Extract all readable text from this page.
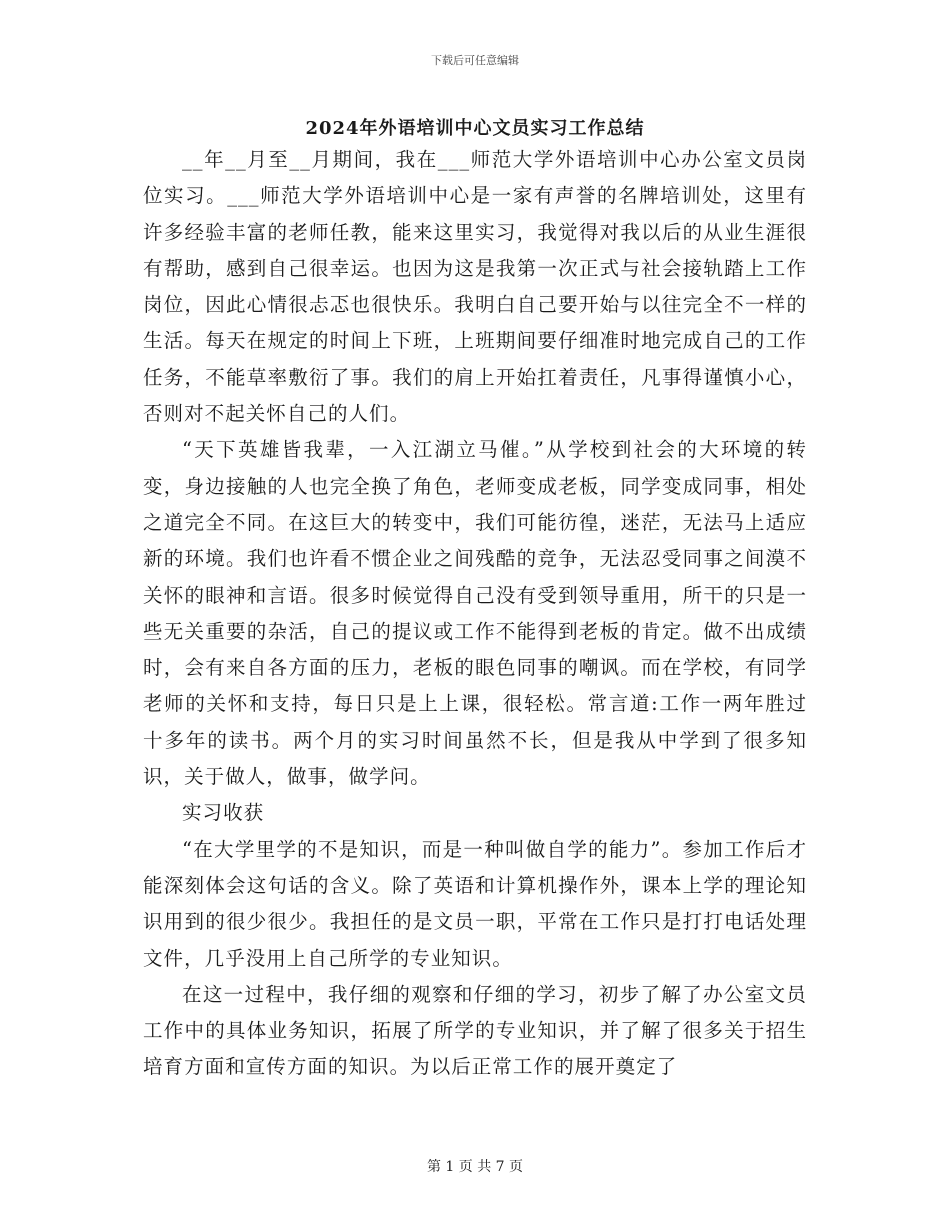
下载后可任意编辑
2024年外语培训中心文员实习工作总结

__年__月至__月期间，我在___师范大学外语培训中心办公室文员岗位实习。___师范大学外语培训中心是一家有声誉的名牌培训处，这里有许多经验丰富的老师任教，能来这里实习，我觉得对我以后的从业生涯很有帮助，感到自己很幸运。也因为这是我第一次正式与社会接轨踏上工作岗位，因此心情很忐忑也很快乐。我明白自己要开始与以往完全不一样的生活。每天在规定的时间上下班，上班期间要仔细准时地完成自己的工作任务，不能草率敷衍了事。我们的肩上开始扛着责任，凡事得谨慎小心，否则对不起关怀自己的人们。

“天下英雄皆我辈，一入江湖立马催。”从学校到社会的大环境的转变，身边接触的人也完全换了角色，老师变成老板，同学变成同事，相处之道完全不同。在这巨大的转变中，我们可能彷徨，迷茫，无法马上适应新的环境。我们也许看不惯企业之间残酷的竞争，无法忍受同事之间漠不关怀的眼神和言语。很多时候觉得自己没有受到领导重用，所干的只是一些无关重要的杂活，自己的提议或工作不能得到老板的肯定。做不出成绩时，会有来自各方面的压力，老板的眼色同事的嘲讽。而在学校，有同学老师的关怀和支持，每日只是上上课，很轻松。常言道:工作一两年胜过十多年的读书。两个月的实习时间虽然不长，但是我从中学到了很多知识，关于做人，做事，做学问。

实习收获

“在大学里学的不是知识，而是一种叫做自学的能力”。参加工作后才能深刻体会这句话的含义。除了英语和计算机操作外，课本上学的理论知识用到的很少很少。我担任的是文员一职，平常在工作只是打打电话处理文件，几乎没用上自己所学的专业知识。

在这一过程中，我仔细的观察和仔细的学习，初步了解了办公室文员工作中的具体业务知识，拓展了所学的专业知识，并了解了很多关于招生培育方面和宣传方面的知识。为以后正常工作的展开奠定了

第 1 页 共 7 页
